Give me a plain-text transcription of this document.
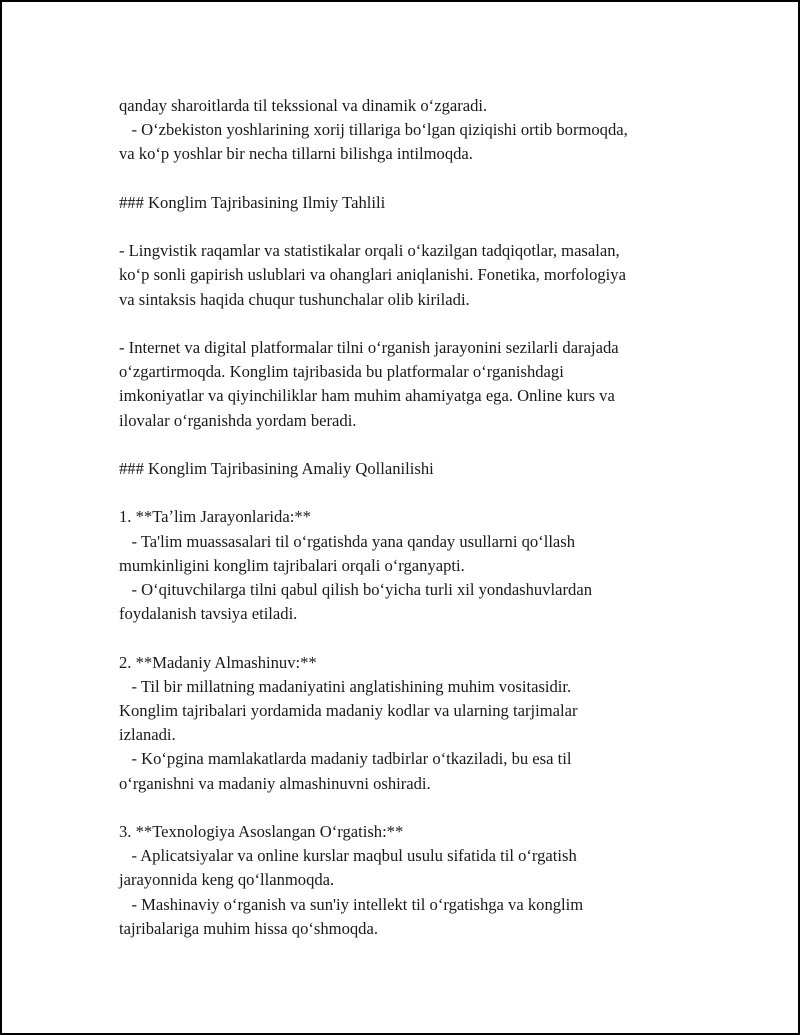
qanday sharoitlarda til tekssional va dinamik oʻzgaradi.
- Oʻzbekiston yoshlarining xorij tillariga boʻlgan qiziqishi ortib bormoqda,
va koʻp yoshlar bir necha tillarni bilishga intilmoqda.

### Konglim Tajribasining Ilmiy Tahlili

- Lingvistik raqamlar va statistikalar orqali oʻkazilgan tadqiqotlar, masalan,
koʻp sonli gapirish uslublari va ohanglari aniqlanishi. Fonetika, morfologiya
va sintaksis haqida chuqur tushunchalar olib kiriladi.

- Internet va digital platformalar tilni oʻrganish jarayonini sezilarli darajada
oʻzgartirmoqda. Konglim tajribasida bu platformalar oʻrganishdagi
imkoniyatlar va qiyinchiliklar ham muhim ahamiyatga ega. Online kurs va
ilovalar oʻrganishda yordam beradi.

### Konglim Tajribasining Amaliy Qollanilishi

1. **Taʼlim Jarayonlarida:**
- Ta'lim muassasalari til oʻrgatishda yana qanday usullarni qoʻllash
mumkinligini konglim tajribalari orqali oʻrganyapti.
- Oʻqituvchilarga tilni qabul qilish boʻyicha turli xil yondashuvlardan
foydalanish tavsiya etiladi.

2. **Madaniy Almashinuv:**
- Til bir millatning madaniyatini anglatishining muhim vositasidir.
Konglim tajribalari yordamida madaniy kodlar va ularning tarjimalar
izlanadi.
- Koʻpgina mamlakatlarda madaniy tadbirlar oʻtkaziladi, bu esa til
oʻrganishni va madaniy almashinuvni oshiradi.

3. **Texnologiya Asoslangan Oʻrgatish:**
- Aplicatsiyalar va online kurslar maqbul usulu sifatida til oʻrgatish
jarayonnida keng qoʻllanmoqda.
- Mashinaviy oʻrganish va sun'iy intellekt til oʻrgatishga va konglim
tajribalariga muhim hissa qoʻshmoqda.
